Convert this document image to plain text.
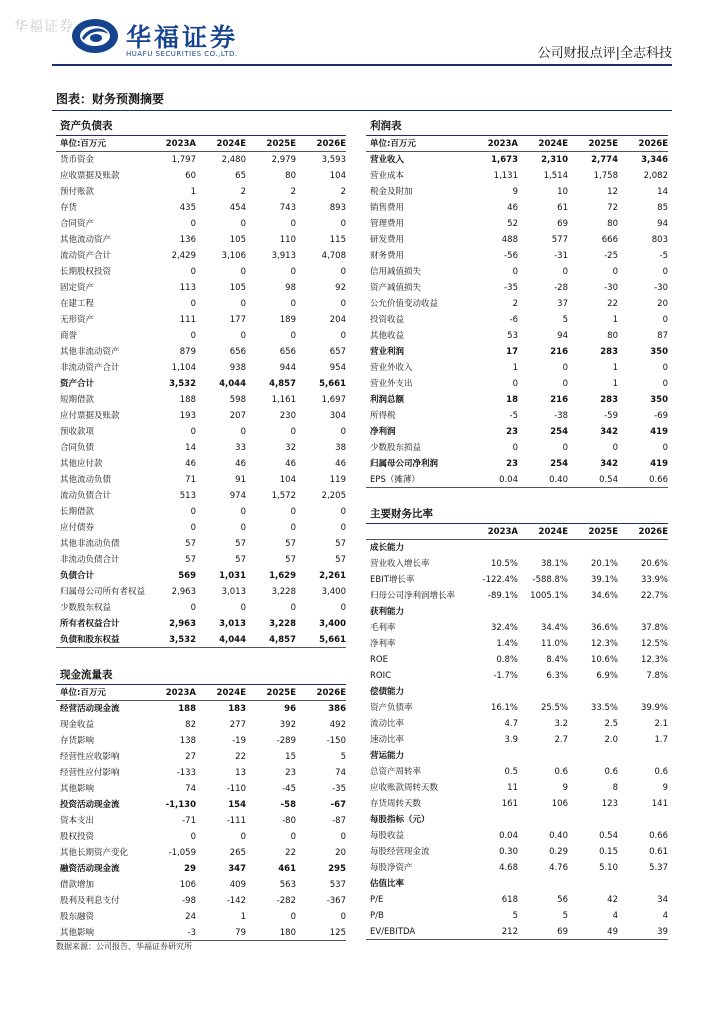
华福证券 华福证券
HUAFU SECURITIES CO.,LTD.	公司财报点评|全志科技
图表：财务预测摘要
资产负债表
单位:百万元	2023A	2024E	2025E	2026E
货币资金	1,797	2,480	2,979	3,593
应收票据及账款	60	65	80	104
预付账款	1	2	2	2
存货	435	454	743	893
合同资产	0	0	0	0
其他流动资产	136	105	110	115
流动资产合计	2,429	3,106	3,913	4,708
长期股权投资	0	0	0	0
固定资产	113	105	98	92
在建工程	0	0	0	0
无形资产	111	177	189	204
商誉	0	0	0	0
其他非流动资产	879	656	656	657
非流动资产合计	1,104	938	944	954
资产合计	3,532	4,044	4,857	5,661
短期借款	188	598	1,161	1,697
应付票据及账款	193	207	230	304
预收款项	0	0	0	0
合同负债	14	33	32	38
其他应付款	46	46	46	46
其他流动负债	71	91	104	119
流动负债合计	513	974	1,572	2,205
长期借款	0	0	0	0
应付债券	0	0	0	0
其他非流动负债	57	57	57	57
非流动负债合计	57	57	57	57
负债合计	569	1,031	1,629	2,261
归属母公司所有者权益	2,963	3,013	3,228	3,400
少数股东权益	0	0	0	0
所有者权益合计	2,963	3,013	3,228	3,400
负债和股东权益	3,532	4,044	4,857	5,661
现金流量表
单位:百万元	2023A	2024E	2025E	2026E
经营活动现金流	188	183	96	386
现金收益	82	277	392	492
存货影响	138	-19	-289	-150
经营性应收影响	27	22	15	5
经营性应付影响	-133	13	23	74
其他影响	74	-110	-45	-35
投资活动现金流	-1,130	154	-58	-67
资本支出	-71	-111	-80	-87
股权投资	0	0	0	0
其他长期资产变化	-1,059	265	22	20
融资活动现金流	29	347	461	295
借款增加	106	409	563	537
股利及利息支付	-98	-142	-282	-367
股东融资	24	1	0	0
其他影响	-3	79	180	125
利润表
单位:百万元	2023A	2024E	2025E	2026E
营业收入	1,673	2,310	2,774	3,346
营业成本	1,131	1,514	1,758	2,082
税金及附加	9	10	12	14
销售费用	46	61	72	85
管理费用	52	69	80	94
研发费用	488	577	666	803
财务费用	-56	-31	-25	-5
信用减值损失	0	0	0	0
资产减值损失	-35	-28	-30	-30
公允价值变动收益	2	37	22	20
投资收益	-6	5	1	0
其他收益	53	94	80	87
营业利润	17	216	283	350
营业外收入	1	0	1	0
营业外支出	0	0	1	0
利润总额	18	216	283	350
所得税	-5	-38	-59	-69
净利润	23	254	342	419
少数股东损益	0	0	0	0
归属母公司净利润	23	254	342	419
EPS（摊薄）	0.04	0.40	0.54	0.66
主要财务比率
2023A	2024E	2025E	2026E
成长能力
营业收入增长率	10.5%	38.1%	20.1%	20.6%
EBIT增长率	-122.4%	-588.8%	39.1%	33.9%
归母公司净利润增长率	-89.1%	1005.1%	34.6%	22.7%
获利能力
毛利率	32.4%	34.4%	36.6%	37.8%
净利率	1.4%	11.0%	12.3%	12.5%
ROE	0.8%	8.4%	10.6%	12.3%
ROIC	-1.7%	6.3%	6.9%	7.8%
偿债能力
资产负债率	16.1%	25.5%	33.5%	39.9%
流动比率	4.7	3.2	2.5	2.1
速动比率	3.9	2.7	2.0	1.7
营运能力
总资产周转率	0.5	0.6	0.6	0.6
应收账款周转天数	11	9	8	9
存货周转天数	161	106	123	141
每股指标（元）
每股收益	0.04	0.40	0.54	0.66
每股经营现金流	0.30	0.29	0.15	0.61
每股净资产	4.68	4.76	5.10	5.37
估值比率
P/E	618	56	42	34
P/B	5	5	4	4
EV/EBITDA	212	69	49	39
数据来源：公司报告、华福证券研究所
